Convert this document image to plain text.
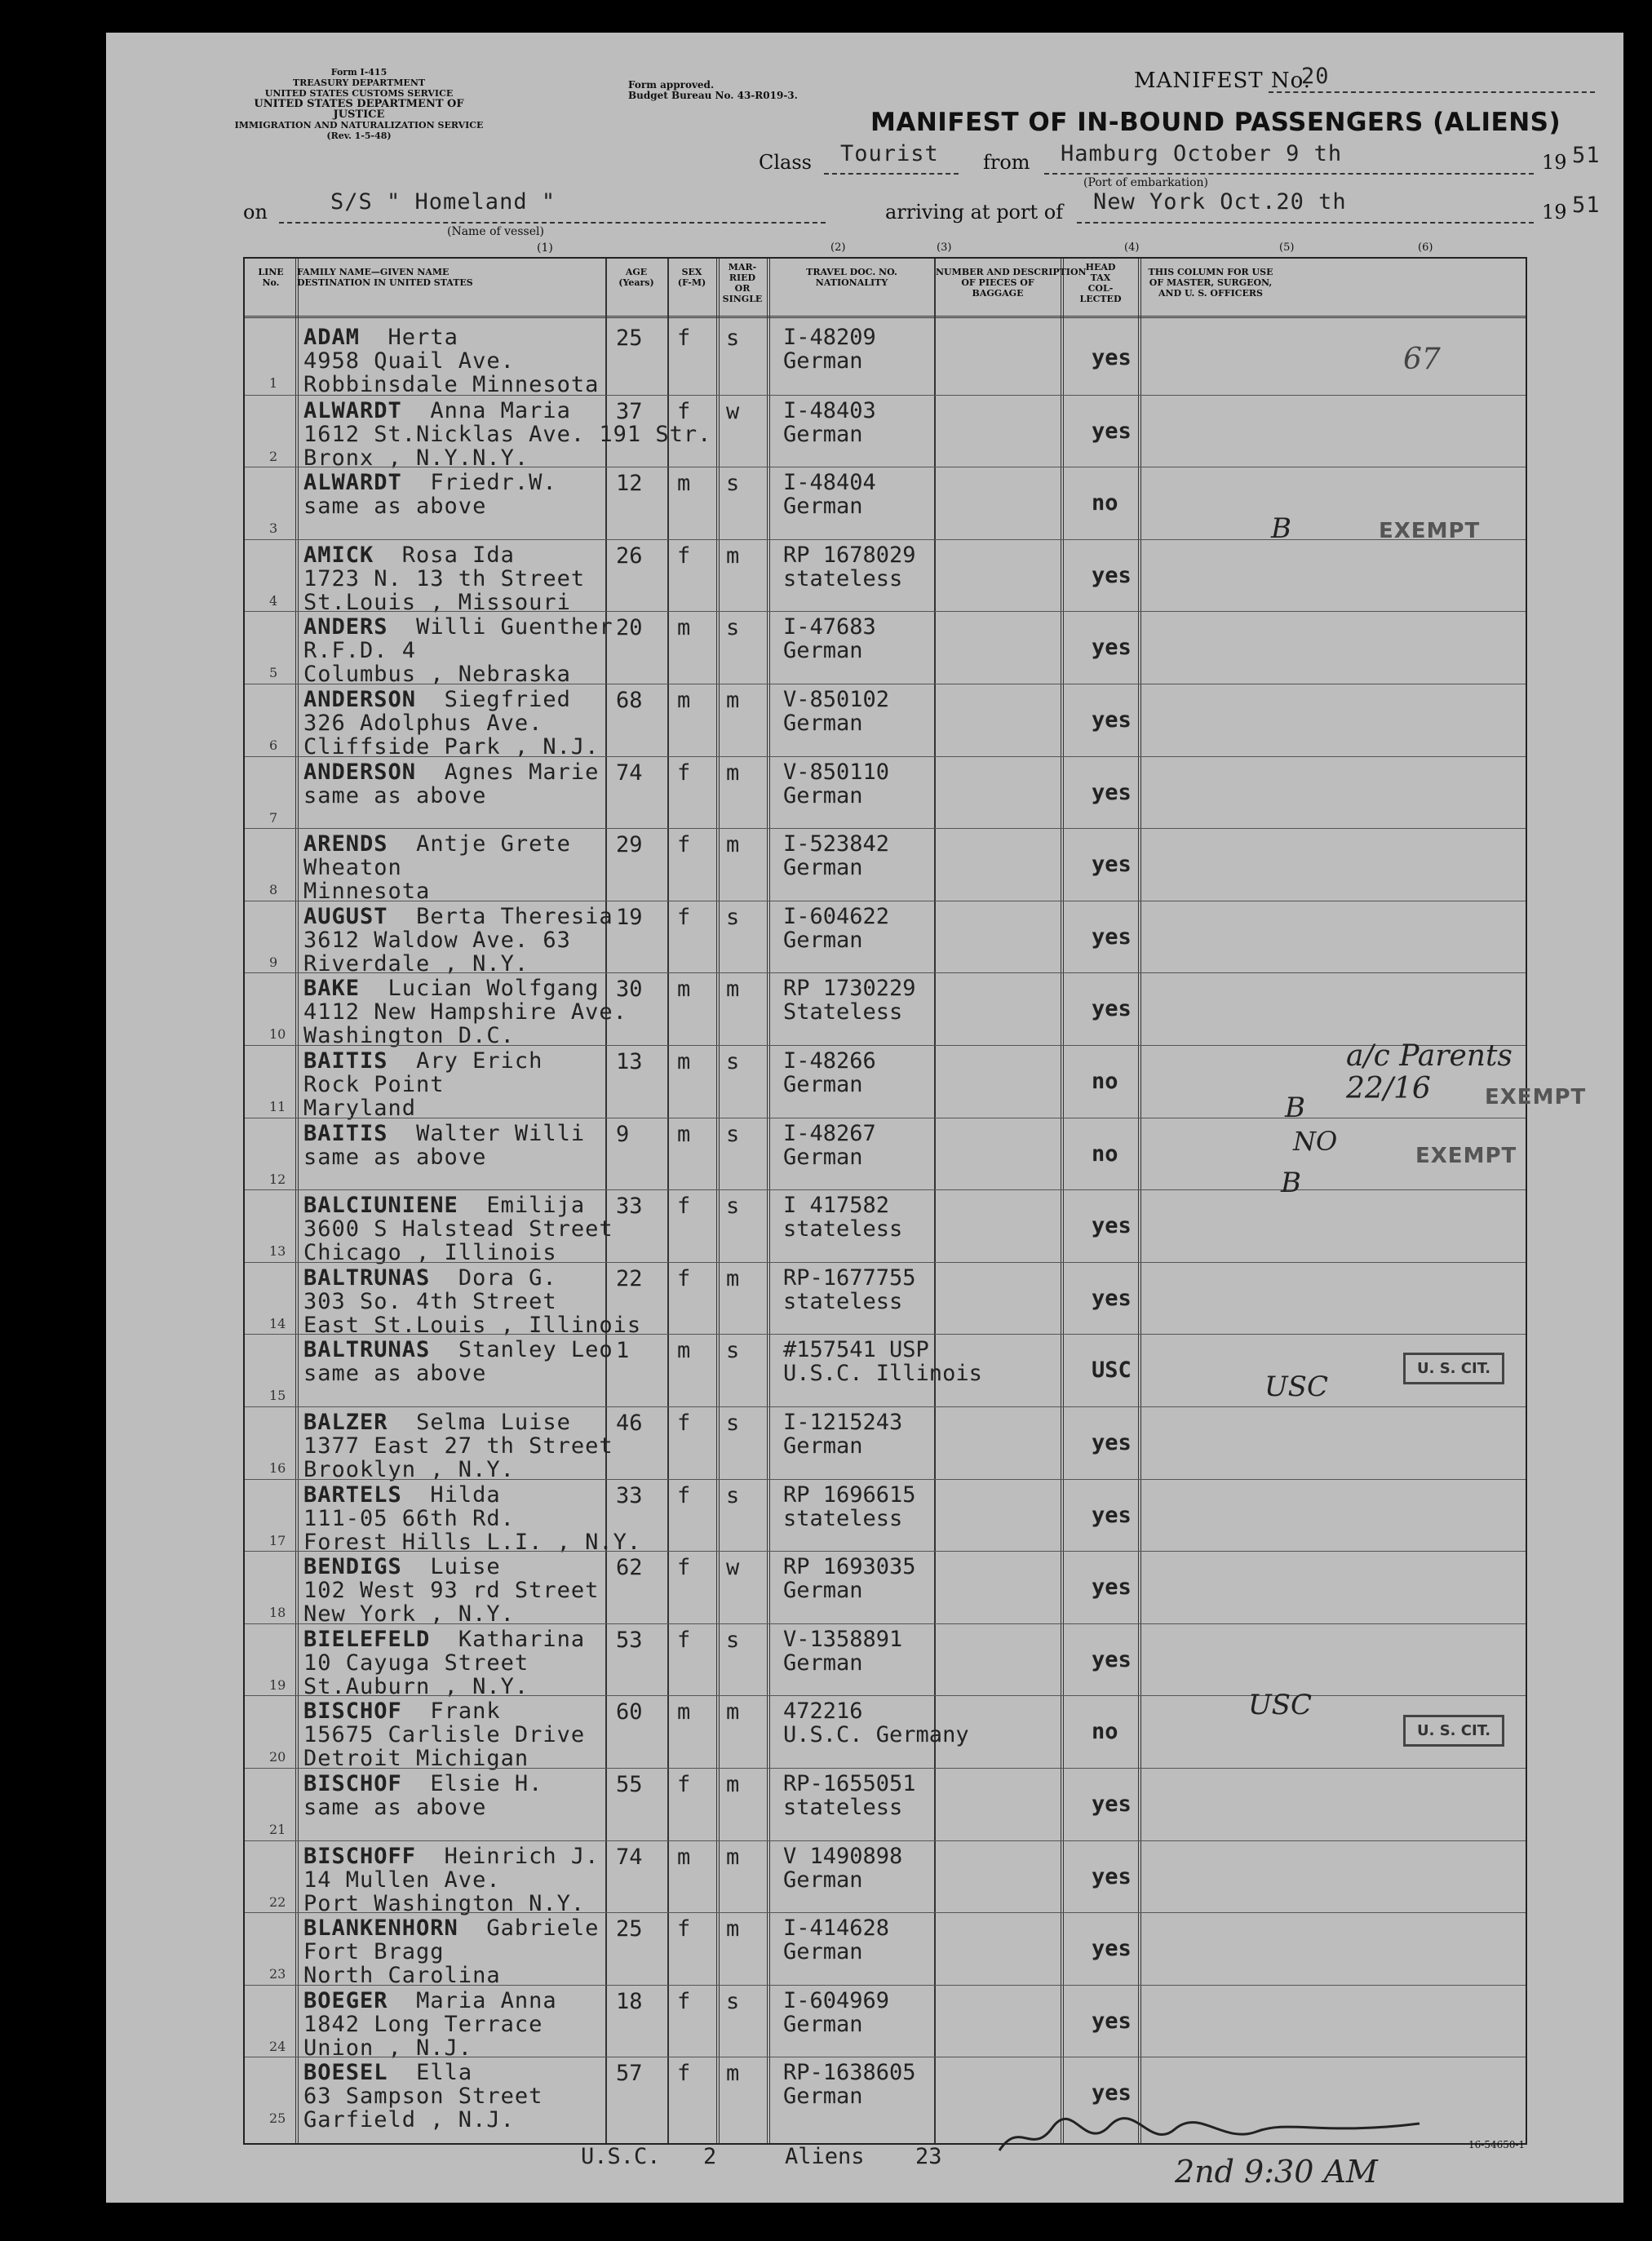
Form I-415
TREASURY DEPARTMENT
UNITED STATES CUSTOMS SERVICE
UNITED STATES DEPARTMENT OF JUSTICE
IMMIGRATION AND NATURALIZATION SERVICE
(Rev. 1-5-48)
Form approved.
Budget Bureau No. 43-R019-3.
MANIFEST No.
20
MANIFEST OF IN-BOUND PASSENGERS (ALIENS)
Class Tourist from Hamburg October 9 th	19 51
(Port of embarkation)
on	S/S " Homeland "
(Name of vessel)
(1)
arriving at port of New York Oct.20 th	19 51
(2)	(3)	(4)	(5)	(6)
LINE No.
FAMILY NAME—GIVEN NAME
DESTINATION IN UNITED STATES
AGE
(Years)
SEX
(F-M)
MAR-
RIED
OR
SINGLE
TRAVEL DOC. NO.
NATIONALITY
NUMBER AND DESCRIPTION
OF PIECES OF
BAGGAGE
HEAD
TAX
COL-
LECTED
THIS COLUMN FOR USE
OF MASTER, SURGEON,
AND U. S. OFFICERS
1
ADAM Herta
4958 Quail Ave.
Robbinsdale Minnesota
25 f s I-48209
German	yes
2
ALWARDT Anna Maria
1612 St.Nicklas Ave. 191 Str.
Bronx , N.Y.N.Y.
37 f w I-48403
German	yes
3
ALWARDT Friedr.W.
same as above
12 m s I-48404
German	no
4
AMICK Rosa Ida
1723 N. 13 th Street
St.Louis , Missouri
26 f m RP 1678029
stateless	yes
5
ANDERS Willi Guenther
R.F.D. 4
Columbus , Nebraska
20 m s I-47683
German	yes
6
ANDERSON Siegfried
326 Adolphus Ave.
Cliffside Park , N.J.
68 m m V-850102
German	yes
7
ANDERSON Agnes Marie
same as above
74 f m V-850110
German	yes
8
ARENDS Antje Grete
Wheaton
Minnesota
29 f m I-523842
German	yes
9
AUGUST Berta Theresia
3612 Waldow Ave. 63
Riverdale , N.Y.
19 f s I-604622
German	yes
10
BAKE Lucian Wolfgang
4112 New Hampshire Ave.
Washington D.C.
30 m m RP 1730229
Stateless	yes
11
BAITIS Ary Erich
Rock Point
Maryland
13 m s I-48266
German	no
12
BAITIS Walter Willi
same as above
9 m s I-48267
German	no
13
BALCIUNIENE Emilija
3600 S Halstead Street
Chicago , Illinois
33 f s I 417582
stateless	yes
14
BALTRUNAS Dora G.
303 So. 4th Street
East St.Louis , Illinois
22 f m RP-1677755
stateless	yes
15
BALTRUNAS Stanley Leo
same as above
1 m s #157541 USP
U.S.C. Illinois	USC
16
BALZER Selma Luise
1377 East 27 th Street
Brooklyn , N.Y.
46 f s I-1215243
German	yes
17
BARTELS Hilda
111-05 66th Rd.
Forest Hills L.I. , N.Y.
33 f s RP 1696615
stateless	yes
18
BENDIGS Luise
102 West 93 rd Street
New York , N.Y.
62 f w RP 1693035
German	yes
19
BIELEFELD Katharina
10 Cayuga Street
St.Auburn , N.Y.
53 f s V-1358891
German	yes
20
BISCHOF Frank
15675 Carlisle Drive
Detroit Michigan
60 m m 472216
U.S.C. Germany	no
21
BISCHOF Elsie H.
same as above
55 f m RP-1655051
stateless	yes
22
BISCHOFF Heinrich J.
14 Mullen Ave.
Port Washington N.Y.
74 m m V 1490898
German	yes
23
BLANKENHORN Gabriele
Fort Bragg
North Carolina
25 f m I-414628
German	yes
24
BOEGER Maria Anna
1842 Long Terrace
Union , N.J.
18 f s I-604969
German	yes
25
BOESEL Ella
63 Sampson Street
Garfield , N.J.
57 f m RP-1638605
German	yes
67
EXEMPT
B
a/c Parents 22/16	EXEMPT
B
NO	EXEMPT
B
U. S. CIT.
USC
U. S. CIT.
USC
U.S.C. 2	Aliens 23	2nd 9:30 AM
16-54650-1
